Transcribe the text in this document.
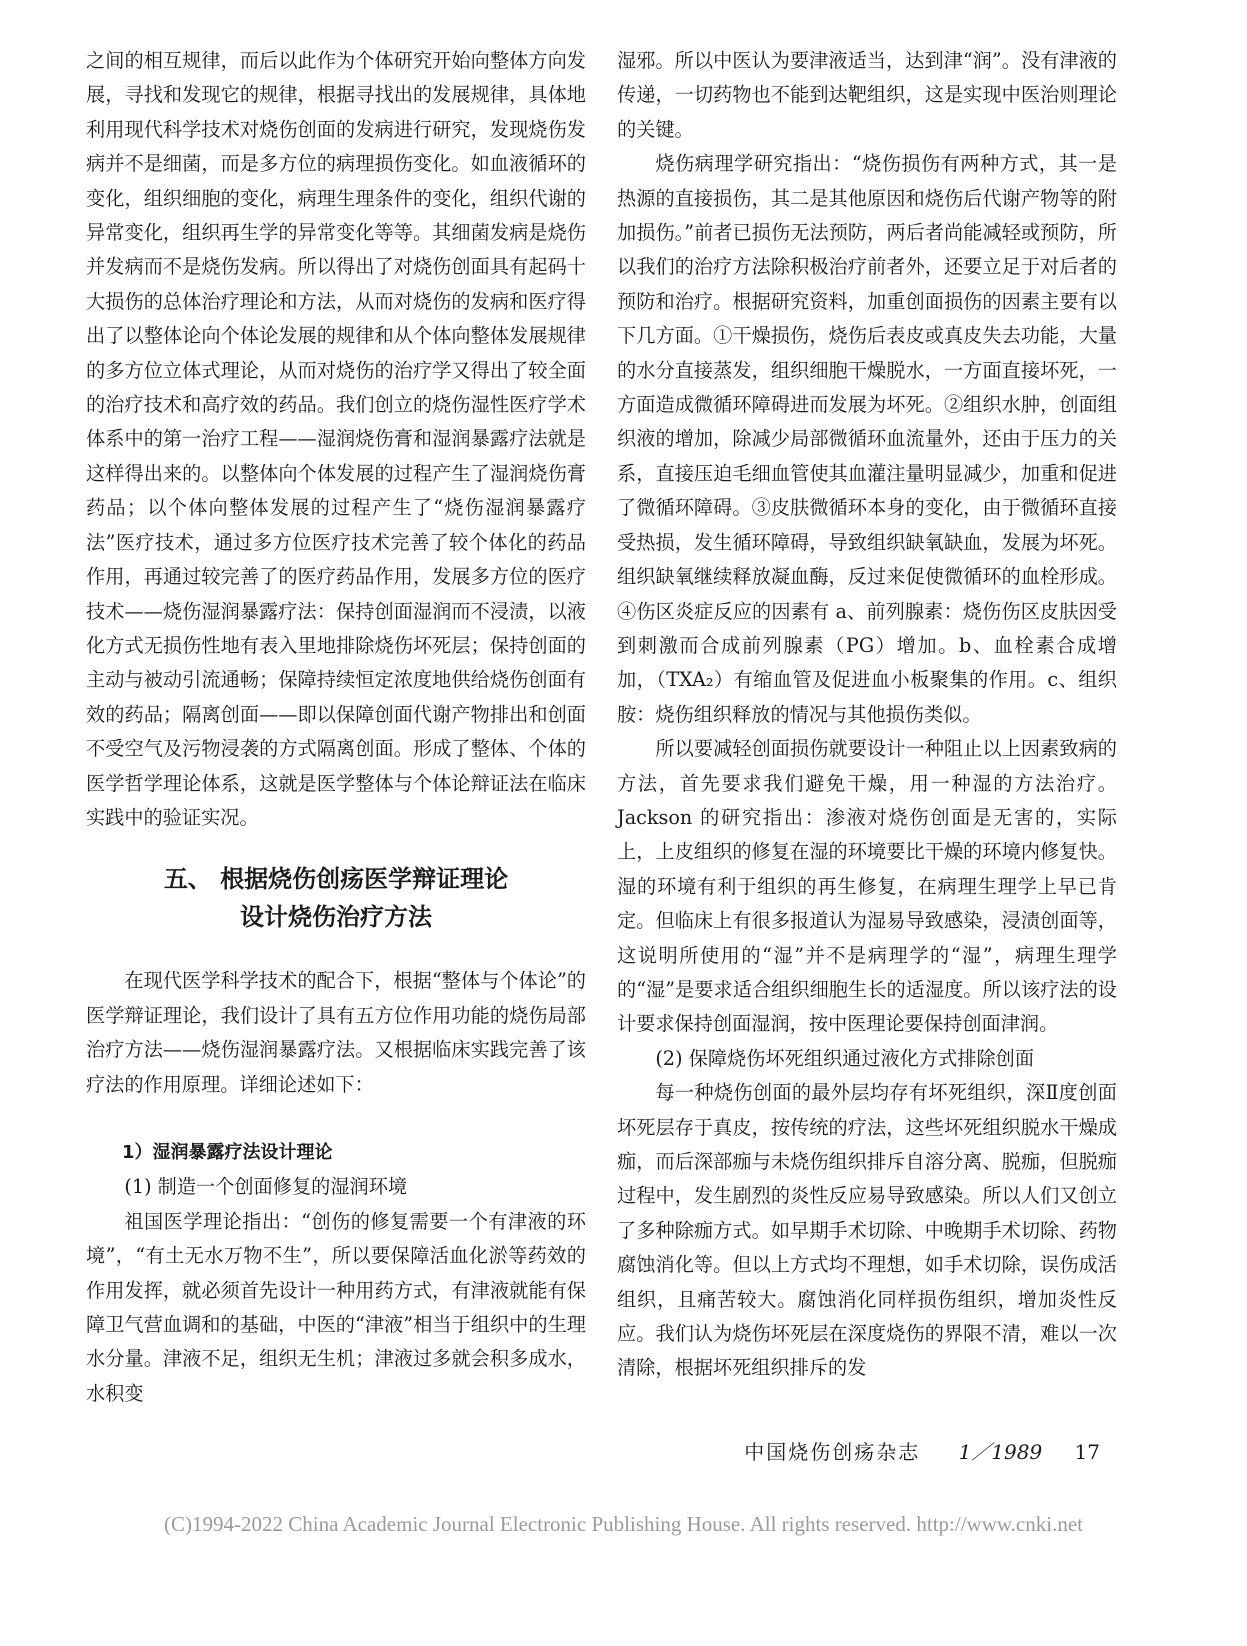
之间的相互规律，而后以此作为个体研究开始向整体方向发展，寻找和发现它的规律，根据寻找出的发展规律，具体地利用现代科学技术对烧伤创面的发病进行研究，发现烧伤发病并不是细菌，而是多方位的病理损伤变化。如血液循环的变化，组织细胞的变化，病理生理条件的变化，组织代谢的异常变化，组织再生学的异常变化等等。其细菌发病是烧伤并发病而不是烧伤发病。所以得出了对烧伤创面具有起码十大损伤的总体治疗理论和方法，从而对烧伤的发病和医疗得出了以整体论向个体论发展的规律和从个体向整体发展规律的多方位立体式理论，从而对烧伤的治疗学又得出了较全面的治疗技术和高疗效的药品。我们创立的烧伤湿性医疗学术体系中的第一治疗工程——湿润烧伤膏和湿润暴露疗法就是这样得出来的。以整体向个体发展的过程产生了湿润烧伤膏药品；以个体向整体发展的过程产生了“烧伤湿润暴露疗法”医疗技术，通过多方位医疗技术完善了较个体化的药品作用，再通过较完善了的医疗药品作用，发展多方位的医疗技术——烧伤湿润暴露疗法：保持创面湿润而不浸渍，以液化方式无损伤性地有表入里地排除烧伤坏死层；保持创面的主动与被动引流通畅；保障持续恒定浓度地供给烧伤创面有效的药品；隔离创面——即以保障创面代谢产物排出和创面不受空气及污物浸袭的方式隔离创面。形成了整体、个体的医学哲学理论体系，这就是医学整体与个体论辩证法在临床实践中的验证实况。

五、 根据烧伤创疡医学辩证理论
设计烧伤治疗方法

在现代医学科学技术的配合下，根据“整体与个体论”的医学辩证理论，我们设计了具有五方位作用功能的烧伤局部治疗方法——烧伤湿润暴露疗法。又根据临床实践完善了该疗法的作用原理。详细论述如下：

1）湿润暴露疗法设计理论

(1) 制造一个创面修复的湿润环境

祖国医学理论指出：“创伤的修复需要一个有津液的环境”，“有土无水万物不生”，所以要保障活血化淤等药效的作用发挥，就必须首先设计一种用药方式，有津液就能有保障卫气营血调和的基础，中医的“津液”相当于组织中的生理水分量。津液不足，组织无生机；津液过多就会积多成水，水积变

湿邪。所以中医认为要津液适当，达到津“润”。没有津液的传递，一切药物也不能到达靶组织，这是实现中医治则理论的关键。

烧伤病理学研究指出：“烧伤损伤有两种方式，其一是热源的直接损伤，其二是其他原因和烧伤后代谢产物等的附加损伤。”前者已损伤无法预防，两后者尚能减轻或预防，所以我们的治疗方法除积极治疗前者外，还要立足于对后者的预防和治疗。根据研究资料，加重创面损伤的因素主要有以下几方面。①干燥损伤，烧伤后表皮或真皮失去功能，大量的水分直接蒸发，组织细胞干燥脱水，一方面直接坏死，一方面造成微循环障碍进而发展为坏死。②组织水肿，创面组织液的增加，除减少局部微循环血流量外，还由于压力的关系，直接压迫毛细血管使其血灌注量明显减少，加重和促进了微循环障碍。③皮肤微循环本身的变化，由于微循环直接受热损，发生循环障碍，导致组织缺氧缺血，发展为坏死。组织缺氧继续释放凝血酶，反过来促使微循环的血栓形成。④伤区炎症反应的因素有 a、前列腺素：烧伤伤区皮肤因受到刺激而合成前列腺素（PG）增加。b、血栓素合成增加，（TXA₂）有缩血管及促进血小板聚集的作用。c、组织胺：烧伤组织释放的情况与其他损伤类似。

所以要减轻创面损伤就要设计一种阻止以上因素致病的方法，首先要求我们避免干燥，用一种湿的方法治疗。Jackson 的研究指出：渗液对烧伤创面是无害的，实际上，上皮组织的修复在湿的环境要比干燥的环境内修复快。湿的环境有利于组织的再生修复，在病理生理学上早已肯定。但临床上有很多报道认为湿易导致感染，浸渍创面等，这说明所使用的“湿”并不是病理学的“湿”，病理生理学的“湿”是要求适合组织细胞生长的适湿度。所以该疗法的设计要求保持创面湿润，按中医理论要保持创面津润。

(2) 保障烧伤坏死组织通过液化方式排除创面

每一种烧伤创面的最外层均存有坏死组织，深Ⅱ度创面坏死层存于真皮，按传统的疗法，这些坏死组织脱水干燥成痂，而后深部痂与未烧伤组织排斥自溶分离、脱痂，但脱痂过程中，发生剧烈的炎性反应易导致感染。所以人们又创立了多种除痂方式。如早期手术切除、中晚期手术切除、药物腐蚀消化等。但以上方式均不理想，如手术切除，误伤成活组织，且痛苦较大。腐蚀消化同样损伤组织，增加炎性反应。我们认为烧伤坏死层在深度烧伤的界限不清，难以一次清除，根据坏死组织排斥的发

中国烧伤创疡杂志 1／1989 17
(C)1994-2022 China Academic Journal Electronic Publishing House. All rights reserved. http://www.cnki.net
